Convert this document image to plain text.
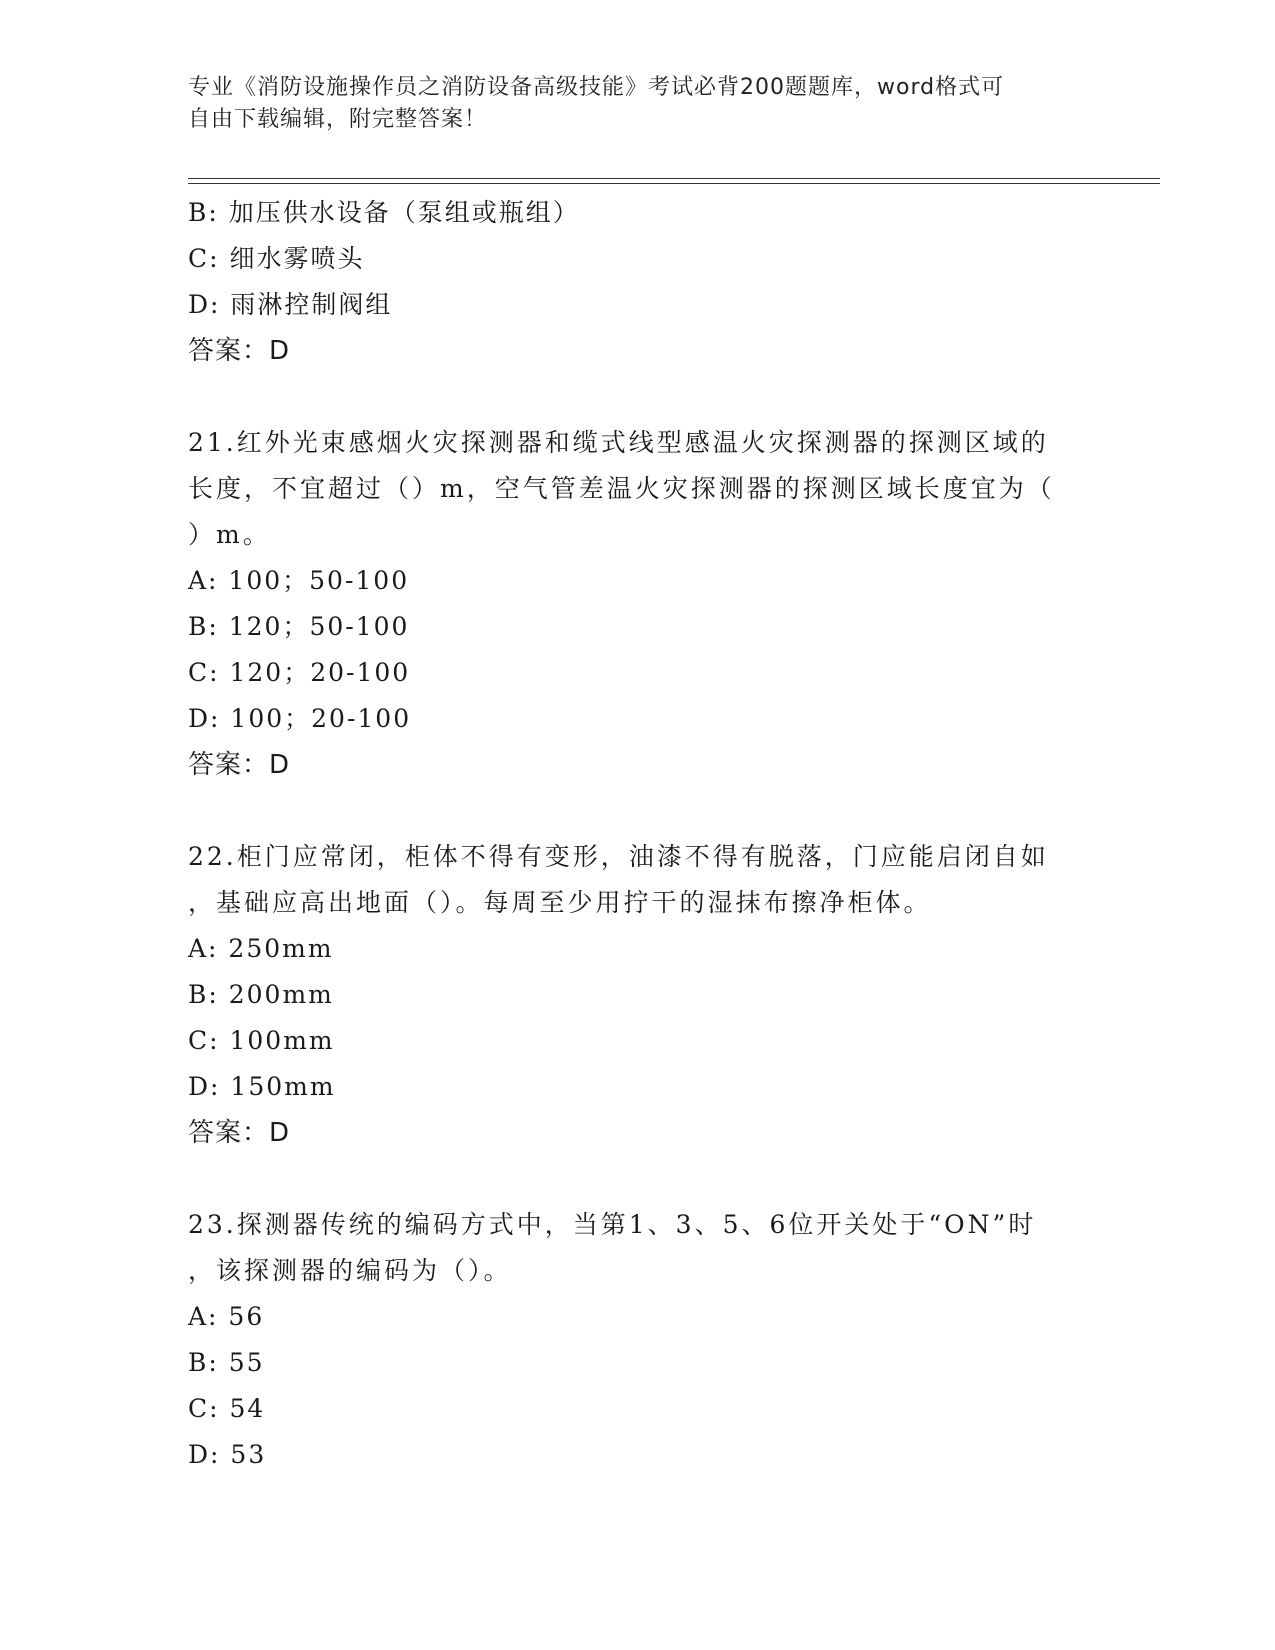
专业《消防设施操作员之消防设备高级技能》考试必背200题题库，word格式可
自由下载编辑，附完整答案！
B: 加压供水设备（泵组或瓶组）
C: 细水雾喷头
D: 雨淋控制阀组
答案：D
21.红外光束感烟火灾探测器和缆式线型感温火灾探测器的探测区域的
长度，不宜超过（）m，空气管差温火灾探测器的探测区域长度宜为（
）m。
A: 100；50-100
B: 120；50-100
C: 120；20-100
D: 100；20-100
答案：D
22.柜门应常闭，柜体不得有变形，油漆不得有脱落，门应能启闭自如
，基础应高出地面（）。每周至少用拧干的湿抹布擦净柜体。
A: 250mm
B: 200mm
C: 100mm
D: 150mm
答案：D
23.探测器传统的编码方式中，当第1、3、5、6位开关处于“ON”时
，该探测器的编码为（）。
A: 56
B: 55
C: 54
D: 53
